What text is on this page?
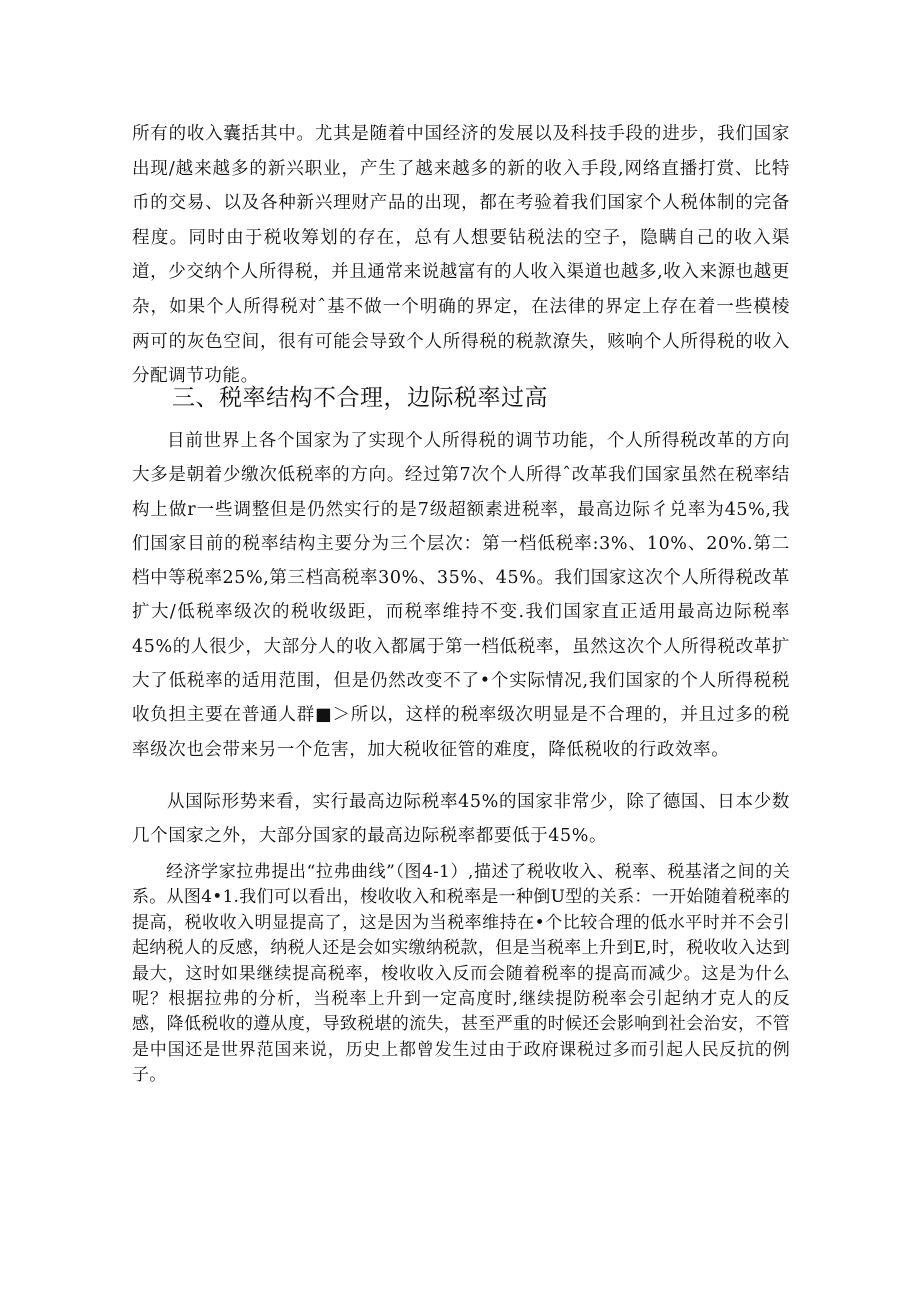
所有的收入囊括其中。尤其是随着中国经济的发展以及科技手段的进步，我们国家出现/越来越多的新兴职业，产生了越来越多的新的收入手段,网络直播打赏、比特币的交易、以及各种新兴理财产品的出现，都在考验着我们国家个人税体制的完备程度。同时由于税收筹划的存在，总有人想要钻税法的空子，隐瞒自己的收入渠道，少交纳个人所得税，并且通常来说越富有的人收入渠道也越多,收入来源也越更杂，如果个人所得税对ˆ基不做一个明确的界定，在法律的界定上存在着一些模棱两可的灰色空间，很有可能会导致个人所得税的税款潦失，赅响个人所得税的收入分配调节功能。

三、税率结构不合理，边际税率过高

目前世界上各个国家为了实现个人所得税的调节功能，个人所得税改革的方向大多是朝着少缴次低税率的方向。经过第7次个人所得ˆ改革我们国家虽然在税率结构上做r一些调整但是仍然实行的是7级超额素进税率，最高边际彳兑率为45%,我们国家目前的税率结构主要分为三个层次：第一档低税率:3%、10%、20%.第二档中等税率25%,第三档高税率30%、35%、45%。我们国家这次个人所得税改革扩大/低税率级次的税收级距，而税率维持不变.我们国家直正适用最高边际税率45%的人很少，大部分人的收入都属于第一档低税率，虽然这次个人所得税改革扩大了低税率的适用范围，但是仍然改变不了•个实际情况,我们国家的个人所得税税收负担主要在普通人群■＞所以，这样的税率级次明显是不合理的，并且过多的税率级次也会带来另一个危害，加大税收征管的难度，降低税收的行政效率。

从国际形势来看，实行最高边际税率45%的国家非常少，除了德国、日本少数几个国家之外，大部分国家的最高边际税率都要低于45%。

经济学家拉弗提出“拉弗曲线”（图4-1）,描述了税收收入、税率、税基渚之间的关系。从图4•1.我们可以看出，梭收收入和税率是一种倒U型的关系：一开始随着税率的提高，税收收入明显提高了，这是因为当税率维持在•个比较合理的低水平时并不会引起纳税人的反感，纳税人还是会如实缴纳税款，但是当税率上升到E,时，税收收入达到最大，这时如果继续提高税率，梭收收入反而会随着税率的提高而减少。这是为什么呢？根据拉弗的分析，当税率上升到一定高度时,继续提防税率会引起纳才克人的反感，降低税收的遵从度，导致税堪的流失，甚至严重的时候还会影响到社会治安，不管是中国还是世界范国来说，历史上都曾发生过由于政府课税过多而引起人民反抗的例子。
